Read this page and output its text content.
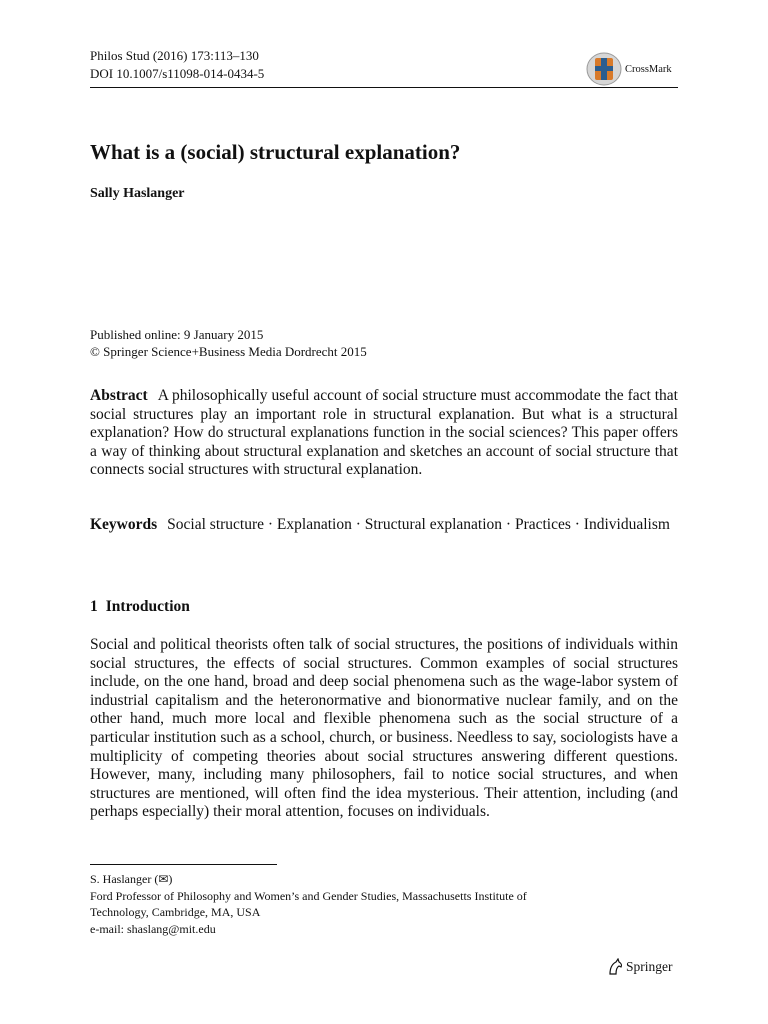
Philos Stud (2016) 173:113–130
DOI 10.1007/s11098-014-0434-5	CrossMark
What is a (social) structural explanation?
Sally Haslanger
Published online: 9 January 2015
© Springer Science+Business Media Dordrecht 2015
Abstract A philosophically useful account of social structure must accommodate the fact that social structures play an important role in structural explanation. But what is a structural explanation? How do structural explanations function in the social sciences? This paper offers a way of thinking about structural explanation and sketches an account of social structure that connects social structures with structural explanation.
Keywords Social structure · Explanation · Structural explanation · Practices · Individualism
1 Introduction
Social and political theorists often talk of social structures, the positions of individuals within social structures, the effects of social structures. Common examples of social structures include, on the one hand, broad and deep social phenomena such as the wage-labor system of industrial capitalism and the heteronormative and bionormative nuclear family, and on the other hand, much more local and flexible phenomena such as the social structure of a particular institution such as a school, church, or business. Needless to say, sociologists have a multiplicity of competing theories about social structures answering different questions. However, many, including many philosophers, fail to notice social structures, and when structures are mentioned, will often find the idea mysterious. Their attention, including (and perhaps especially) their moral attention, focuses on individuals.
S. Haslanger (✉)
Ford Professor of Philosophy and Women’s and Gender Studies, Massachusetts Institute of
Technology, Cambridge, MA, USA
e-mail: shaslang@mit.edu
Springer
